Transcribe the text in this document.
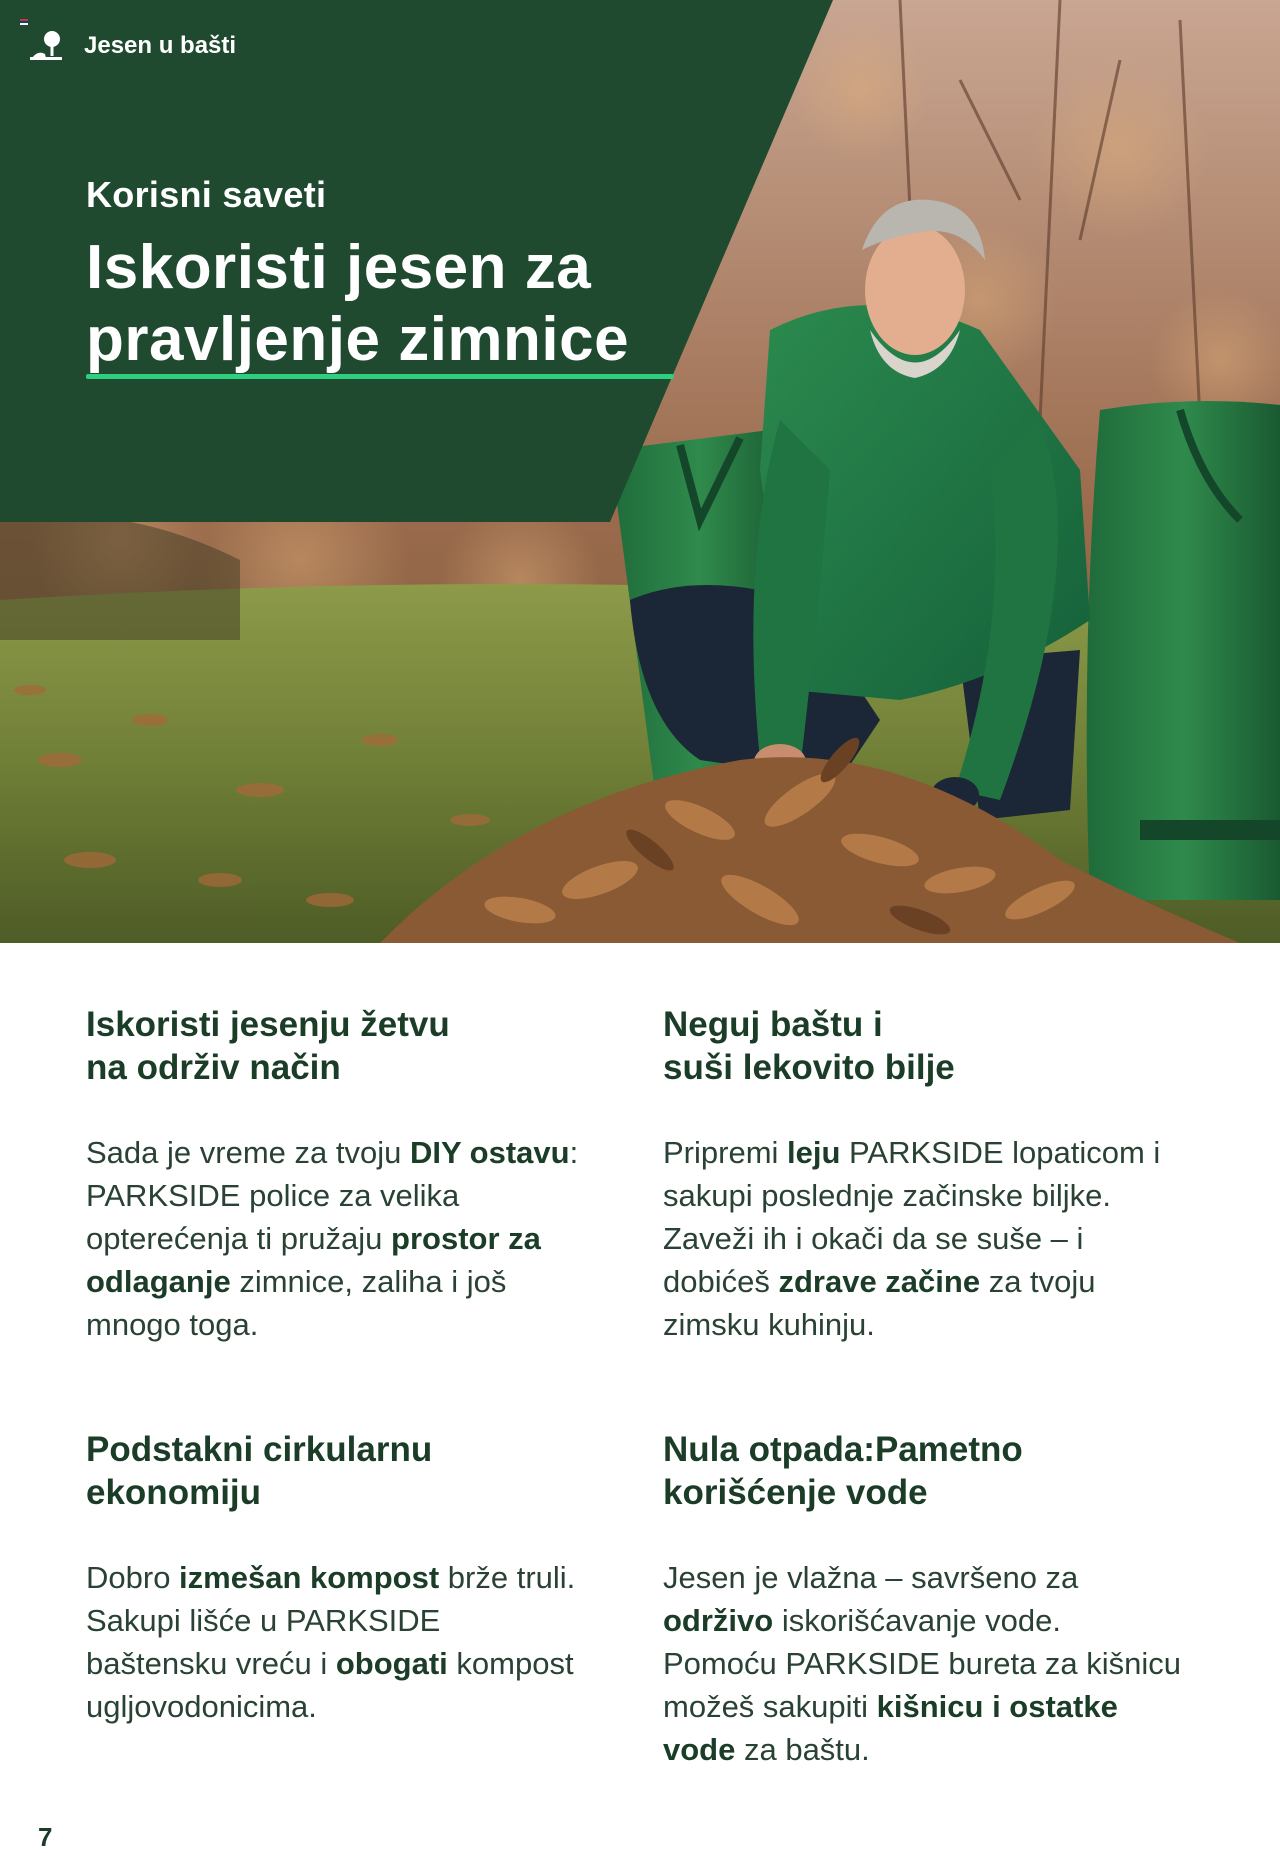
Jesen u bašti
Korisni saveti
Iskoristi jesen za
pravljenje zimnice
Iskoristi jesenju žetvu
na održiv način

Sada je vreme za tvoju DIY ostavu: PARKSIDE police za velika opterećenja ti pružaju prostor za odlaganje zimnice, zaliha i još mnogo toga.

Neguj baštu i
suši lekovito bilje

Pripremi leju PARKSIDE lopaticom i sakupi poslednje začinske biljke. Zaveži ih i okači da se suše – i dobićeš zdrave začine za tvoju zimsku kuhinju.

Podstakni cirkularnu
ekonomiju

Dobro izmešan kompost brže truli. Sakupi lišće u PARKSIDE baštensku vreću i obogati kompost ugljovodonicima.

Nula otpada:Pametno
korišćenje vode

Jesen je vlažna – savršeno za održivo iskorišćavanje vode. Pomoću PARKSIDE bureta za kišnicu možeš sakupiti kišnicu i ostatke vode za baštu.

7
